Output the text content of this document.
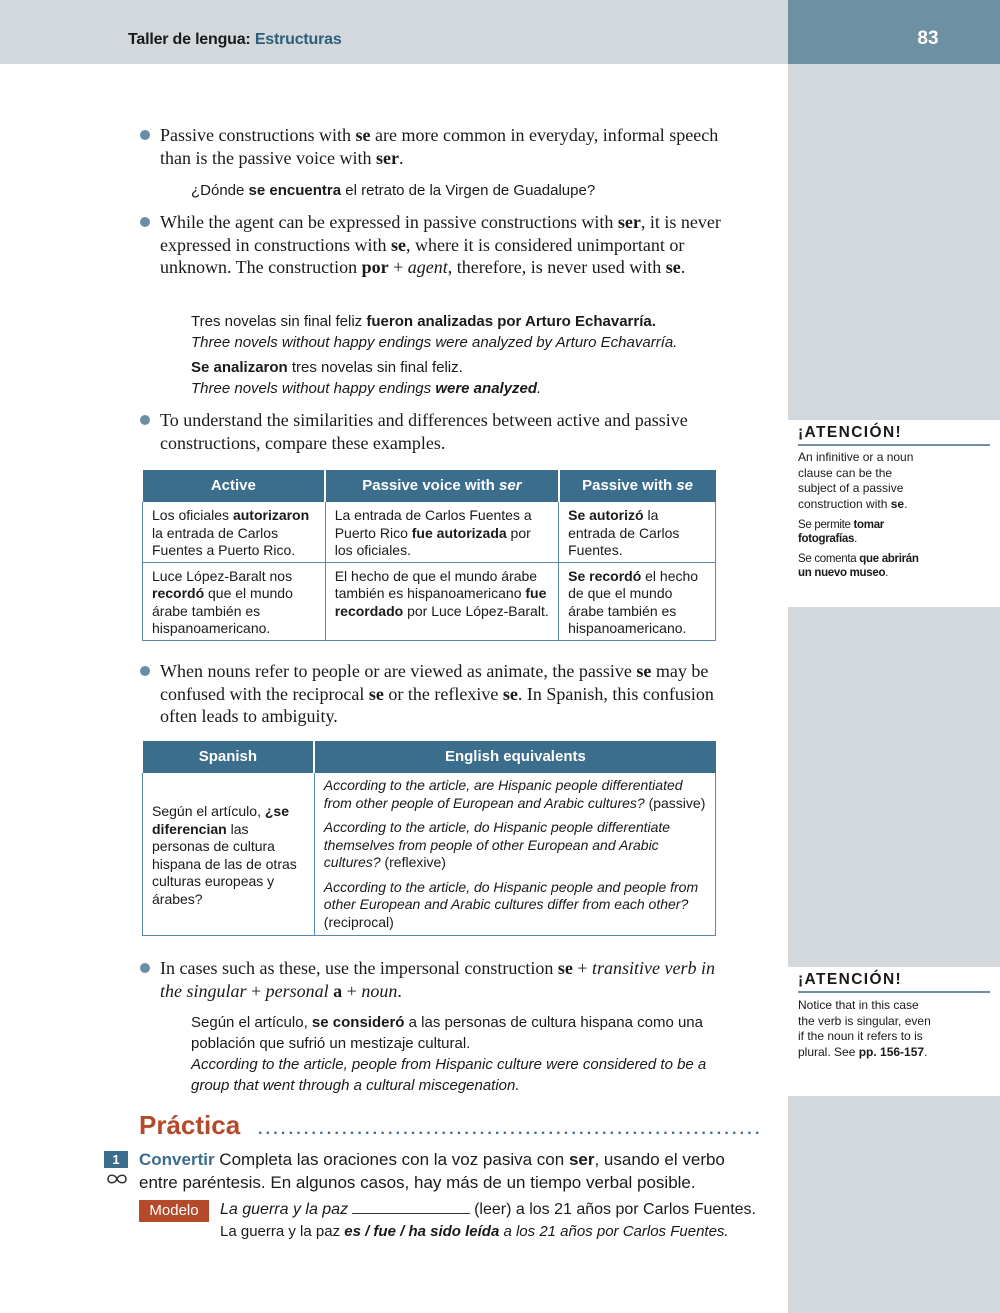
Taller de lengua: Estructuras	83
Passive constructions with se are more common in everyday, informal speech than is the passive voice with ser.
¿Dónde se encuentra el retrato de la Virgen de Guadalupe?
While the agent can be expressed in passive constructions with ser, it is never expressed in constructions with se, where it is considered unimportant or unknown. The construction por + agent, therefore, is never used with se.
Tres novelas sin final feliz fueron analizadas por Arturo Echavarría.
Three novels without happy endings were analyzed by Arturo Echavarría.
Se analizaron tres novelas sin final feliz.
Three novels without happy endings were analyzed.
To understand the similarities and differences between active and passive constructions, compare these examples.
Active	Passive voice with ser	Passive with se
Los oficiales autorizaron la entrada de Carlos Fuentes a Puerto Rico.	La entrada de Carlos Fuentes a Puerto Rico fue autorizada por los oficiales.	Se autorizó la entrada de Carlos Fuentes.
Luce López-Baralt nos recordó que el mundo árabe también es hispanoamericano.	El hecho de que el mundo árabe también es hispanoamericano fue recordado por Luce López-Baralt.	Se recordó el hecho de que el mundo árabe también es hispanoamericano.
When nouns refer to people or are viewed as animate, the passive se may be confused with the reciprocal se or the reflexive se. In Spanish, this confusion often leads to ambiguity.
Spanish	English equivalents
Según el artículo, ¿se diferencian las personas de cultura hispana de las de otras culturas europeas y árabes?	According to the article, are Hispanic people differentiated from other people of European and Arabic cultures? (passive)
According to the article, do Hispanic people differentiate themselves from people of other European and Arabic cultures? (reflexive)
According to the article, do Hispanic people and people from other European and Arabic cultures differ from each other? (reciprocal)
In cases such as these, use the impersonal construction se + transitive verb in the singular + personal a + noun.
Según el artículo, se consideró a las personas de cultura hispana como una población que sufrió un mestizaje cultural.
According to the article, people from Hispanic culture were considered to be a group that went through a cultural miscegenation.
¡ATENCIÓN!

An infinitive or a noun clause can be the subject of a passive construction with se.

Se permite tomar fotografías.

Se comenta que abrirán un nuevo museo.

¡ATENCIÓN!

Notice that in this case the verb is singular, even if the noun it refers to is plural. See pp. 156-157.

Práctica ..................................................................
1	Convertir Completa las oraciones con la voz pasiva con ser, usando el verbo entre paréntesis. En algunos casos, hay más de un tiempo verbal posible.
Modelo	La guerra y la paz	(leer) a los 21 años por Carlos Fuentes.
La guerra y la paz es / fue / ha sido leída a los 21 años por Carlos Fuentes.
